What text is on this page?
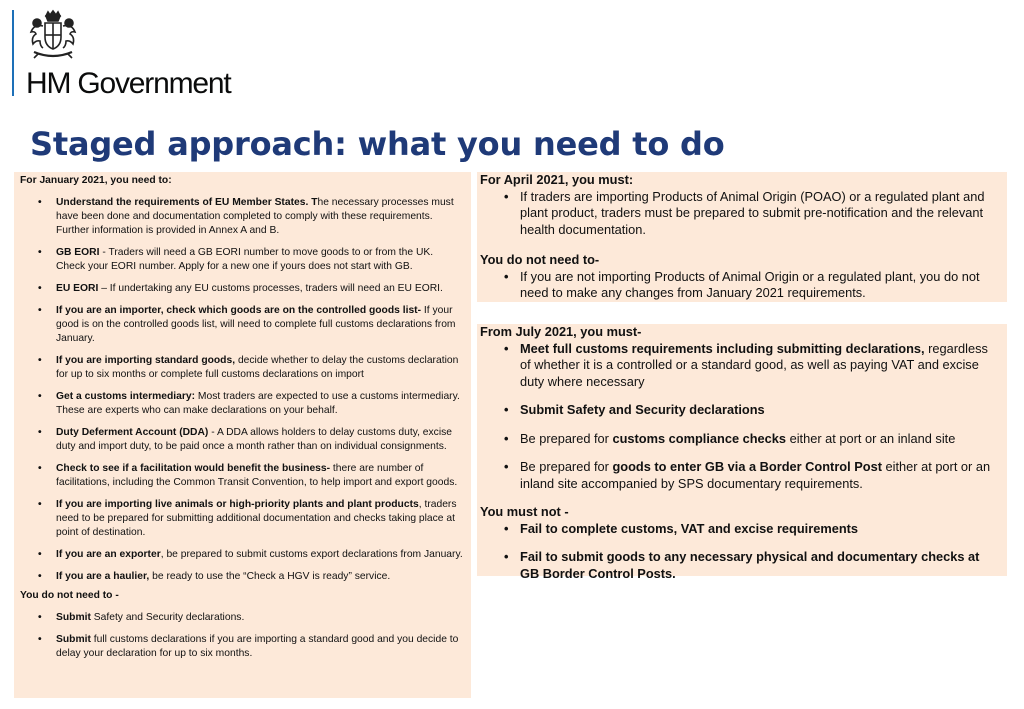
HM Government
Staged approach: what you need to do
For January 2021, you need to:
• Understand the requirements of EU Member States. The necessary processes must have been done and documentation completed to comply with these requirements. Further information is provided in Annex A and B.
• GB EORI - Traders will need a GB EORI number to move goods to or from the UK. Check your EORI number. Apply for a new one if yours does not start with GB.
• EU EORI – If undertaking any EU customs processes, traders will need an EU EORI.
• If you are an importer, check which goods are on the controlled goods list- If your good is on the controlled goods list, will need to complete full customs declarations from January.
• If you are importing standard goods, decide whether to delay the customs declaration for up to six months or complete full customs declarations on import
• Get a customs intermediary: Most traders are expected to use a customs intermediary. These are experts who can make declarations on your behalf.
• Duty Deferment Account (DDA) - A DDA allows holders to delay customs duty, excise duty and import duty, to be paid once a month rather than on individual consignments.
• Check to see if a facilitation would benefit the business- there are number of facilitations, including the Common Transit Convention, to help import and export goods.
• If you are importing live animals or high-priority plants and plant products, traders need to be prepared for submitting additional documentation and checks taking place at point of destination.
• If you are an exporter, be prepared to submit customs export declarations from January.
• If you are a haulier, be ready to use the “Check a HGV is ready” service.
You do not need to -
• Submit Safety and Security declarations.
• Submit full customs declarations if you are importing a standard good and you decide to delay your declaration for up to six months.
For April 2021, you must:
• If traders are importing Products of Animal Origin (POAO) or a regulated plant and plant product, traders must be prepared to submit pre-notification and the relevant health documentation.
You do not need to-
• If you are not importing Products of Animal Origin or a regulated plant, you do not need to make any changes from January 2021 requirements.
From July 2021, you must-
• Meet full customs requirements including submitting declarations, regardless of whether it is a controlled or a standard good, as well as paying VAT and excise duty where necessary
• Submit Safety and Security declarations
• Be prepared for customs compliance checks either at port or an inland site
• Be prepared for goods to enter GB via a Border Control Post either at port or an inland site accompanied by SPS documentary requirements.
You must not -
• Fail to complete customs, VAT and excise requirements
• Fail to submit goods to any necessary physical and documentary checks at GB Border Control Posts.
